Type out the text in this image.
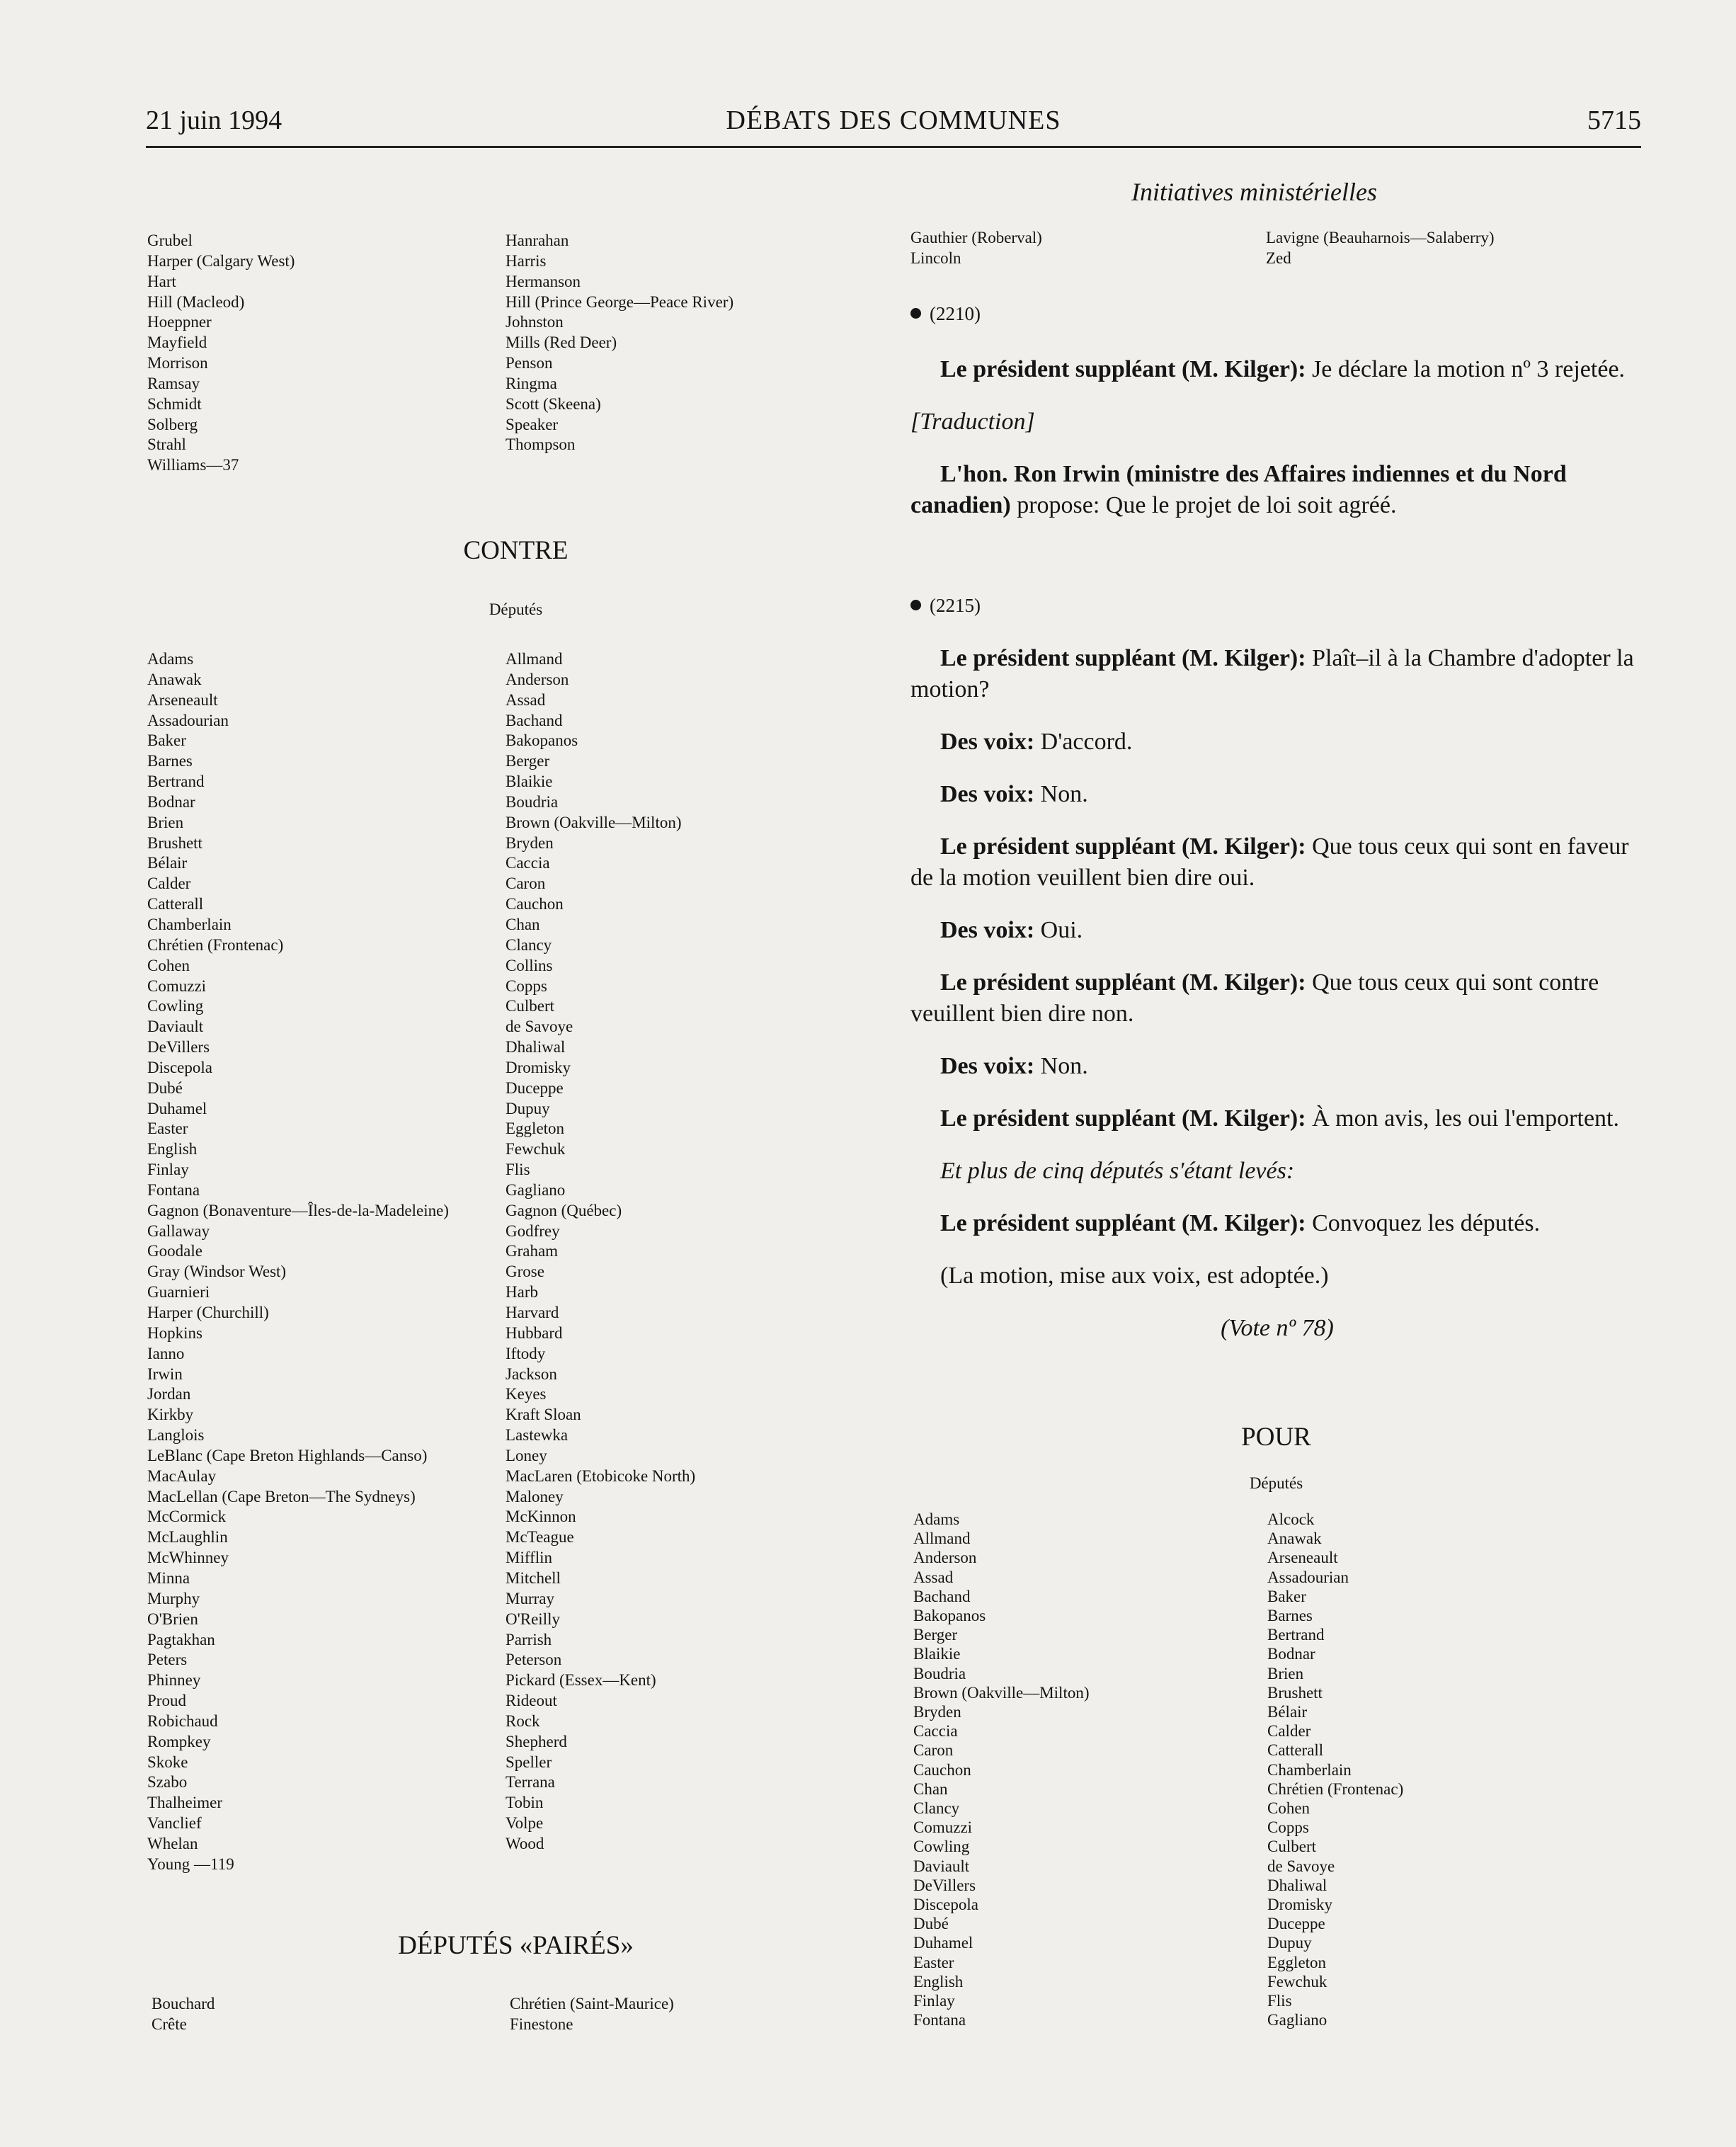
21 juin 1994	DÉBATS DES COMMUNES	5715
Initiatives ministérielles
Grubel
Harper (Calgary West)
Hart
Hill (Macleod)
Hoeppner
Mayfield
Morrison
Ramsay
Schmidt
Solberg
Strahl
Williams—37
Hanrahan
Harris
Hermanson
Hill (Prince George—Peace River)
Johnston
Mills (Red Deer)
Penson
Ringma
Scott (Skeena)
Speaker
Thompson
CONTRE
Députés
Adams
Anawak
Arseneault
Assadourian
Baker
Barnes
Bertrand
Bodnar
Brien
Brushett
Bélair
Calder
Catterall
Chamberlain
Chrétien (Frontenac)
Cohen
Comuzzi
Cowling
Daviault
DeVillers
Discepola
Dubé
Duhamel
Easter
English
Finlay
Fontana
Gagnon (Bonaventure—Îles-de-la-Madeleine)
Gallaway
Goodale
Gray (Windsor West)
Guarnieri
Harper (Churchill)
Hopkins
Ianno
Irwin
Jordan
Kirkby
Langlois
LeBlanc (Cape Breton Highlands—Canso)
MacAulay
MacLellan (Cape Breton—The Sydneys)
McCormick
McLaughlin
McWhinney
Minna
Murphy
O'Brien
Pagtakhan
Peters
Phinney
Proud
Robichaud
Rompkey
Skoke
Szabo
Thalheimer
Vanclief
Whelan
Young —119
Allmand
Anderson
Assad
Bachand
Bakopanos
Berger
Blaikie
Boudria
Brown (Oakville—Milton)
Bryden
Caccia
Caron
Cauchon
Chan
Clancy
Collins
Copps
Culbert
de Savoye
Dhaliwal
Dromisky
Duceppe
Dupuy
Eggleton
Fewchuk
Flis
Gagliano
Gagnon (Québec)
Godfrey
Graham
Grose
Harb
Harvard
Hubbard
Iftody
Jackson
Keyes
Kraft Sloan
Lastewka
Loney
MacLaren (Etobicoke North)
Maloney
McKinnon
McTeague
Mifflin
Mitchell
Murray
O'Reilly
Parrish
Peterson
Pickard (Essex—Kent)
Rideout
Rock
Shepherd
Speller
Terrana
Tobin
Volpe
Wood
DÉPUTÉS «PAIRÉS»
Bouchard
Crête
Chrétien (Saint-Maurice)
Finestone
Gauthier (Roberval)
Lincoln
Lavigne (Beauharnois—Salaberry)
Zed
(2210)

Le président suppléant (M. Kilger): Je déclare la motion nº 3 rejetée.

[Traduction]

L'hon. Ron Irwin (ministre des Affaires indiennes et du Nord canadien) propose: Que le projet de loi soit agréé.

(2215)

Le président suppléant (M. Kilger): Plaît–il à la Chambre d'adopter la motion?

Des voix: D'accord.

Des voix: Non.

Le président suppléant (M. Kilger): Que tous ceux qui sont en faveur de la motion veuillent bien dire oui.

Des voix: Oui.

Le président suppléant (M. Kilger): Que tous ceux qui sont contre veuillent bien dire non.

Des voix: Non.

Le président suppléant (M. Kilger): À mon avis, les oui l'emportent.

Et plus de cinq députés s'étant levés:

Le président suppléant (M. Kilger): Convoquez les députés.

(La motion, mise aux voix, est adoptée.)

(Vote nº 78)

POUR
Députés
Adams
Allmand
Anderson
Assad
Bachand
Bakopanos
Berger
Blaikie
Boudria
Brown (Oakville—Milton)
Bryden
Caccia
Caron
Cauchon
Chan
Clancy
Comuzzi
Cowling
Daviault
DeVillers
Discepola
Dubé
Duhamel
Easter
English
Finlay
Fontana
Alcock
Anawak
Arseneault
Assadourian
Baker
Barnes
Bertrand
Bodnar
Brien
Brushett
Bélair
Calder
Catterall
Chamberlain
Chrétien (Frontenac)
Cohen
Copps
Culbert
de Savoye
Dhaliwal
Dromisky
Duceppe
Dupuy
Eggleton
Fewchuk
Flis
Gagliano
